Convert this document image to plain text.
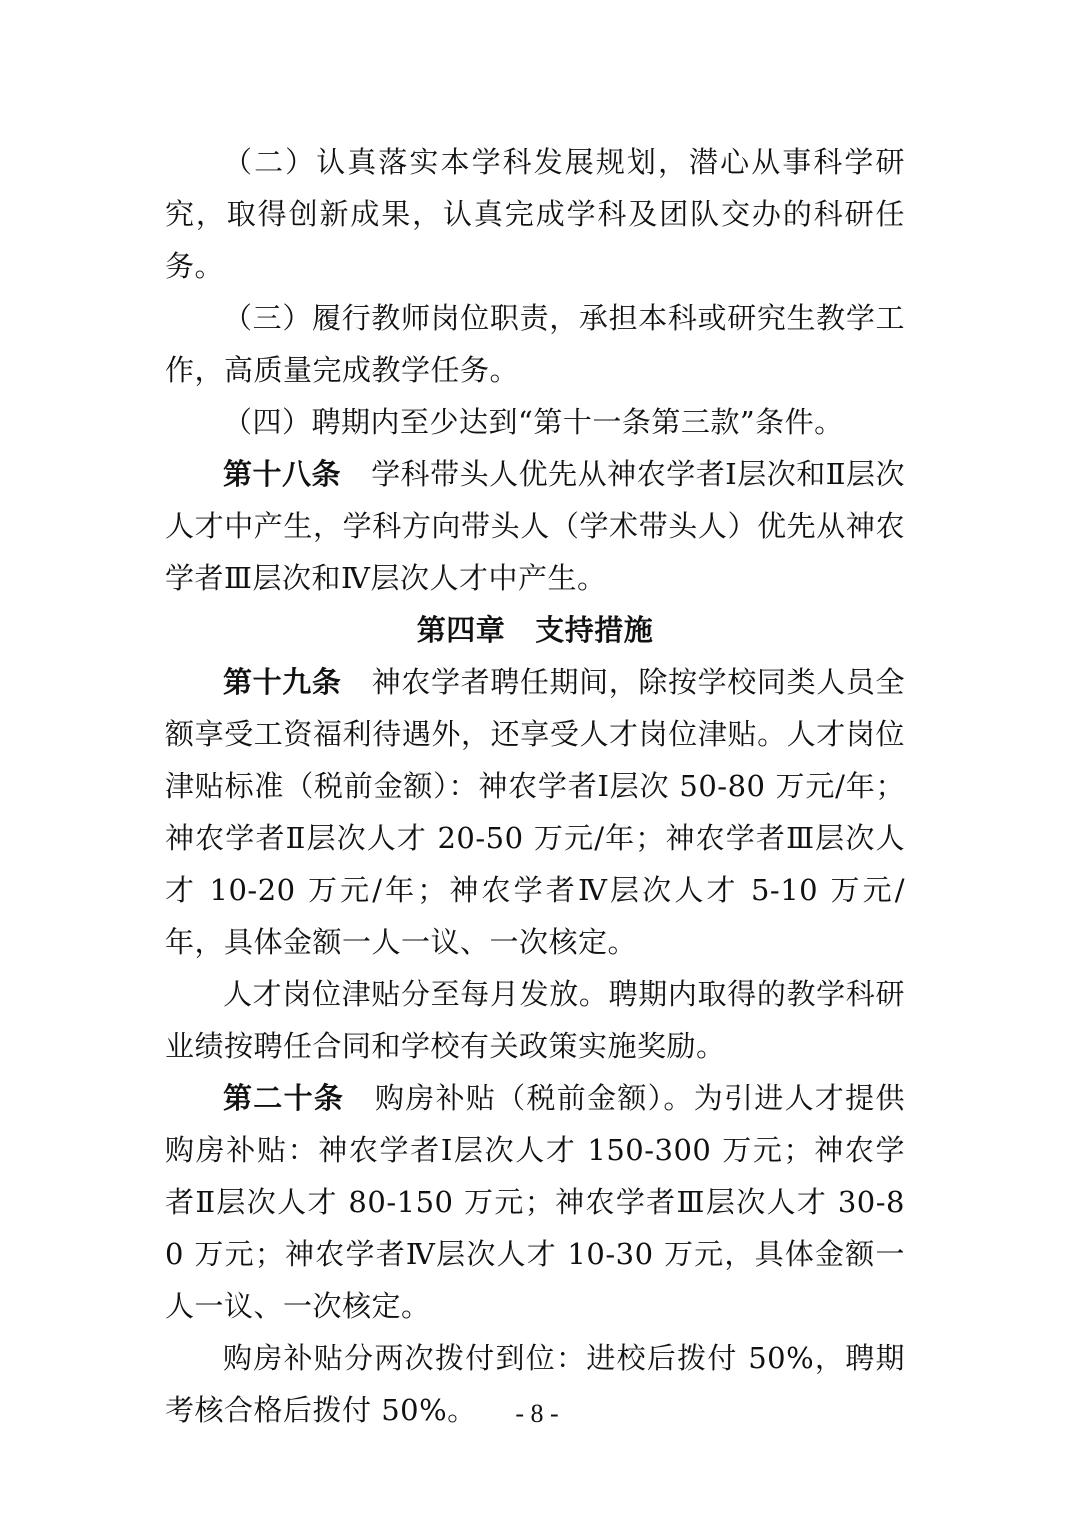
（二）认真落实本学科发展规划，潜心从事科学研究，取得创新成果，认真完成学科及团队交办的科研任务。

（三）履行教师岗位职责，承担本科或研究生教学工作，高质量完成教学任务。

（四）聘期内至少达到“第十一条第三款”条件。

第十八条 学科带头人优先从神农学者Ⅰ层次和Ⅱ层次人才中产生，学科方向带头人（学术带头人）优先从神农学者Ⅲ层次和Ⅳ层次人才中产生。

第四章 支持措施

第十九条 神农学者聘任期间，除按学校同类人员全额享受工资福利待遇外，还享受人才岗位津贴。人才岗位津贴标准（税前金额）：神农学者Ⅰ层次 50-80 万元/年；神农学者Ⅱ层次人才 20-50 万元/年；神农学者Ⅲ层次人才 10-20 万元/年；神农学者Ⅳ层次人才 5-10 万元/年，具体金额一人一议、一次核定。

人才岗位津贴分至每月发放。聘期内取得的教学科研业绩按聘任合同和学校有关政策实施奖励。

第二十条 购房补贴（税前金额）。为引进人才提供购房补贴：神农学者Ⅰ层次人才 150-300 万元；神农学者Ⅱ层次人才 80-150 万元；神农学者Ⅲ层次人才 30-80 万元；神农学者Ⅳ层次人才 10-30 万元，具体金额一人一议、一次核定。

购房补贴分两次拨付到位：进校后拨付 50%，聘期考核合格后拨付 50%。	- 8 -
